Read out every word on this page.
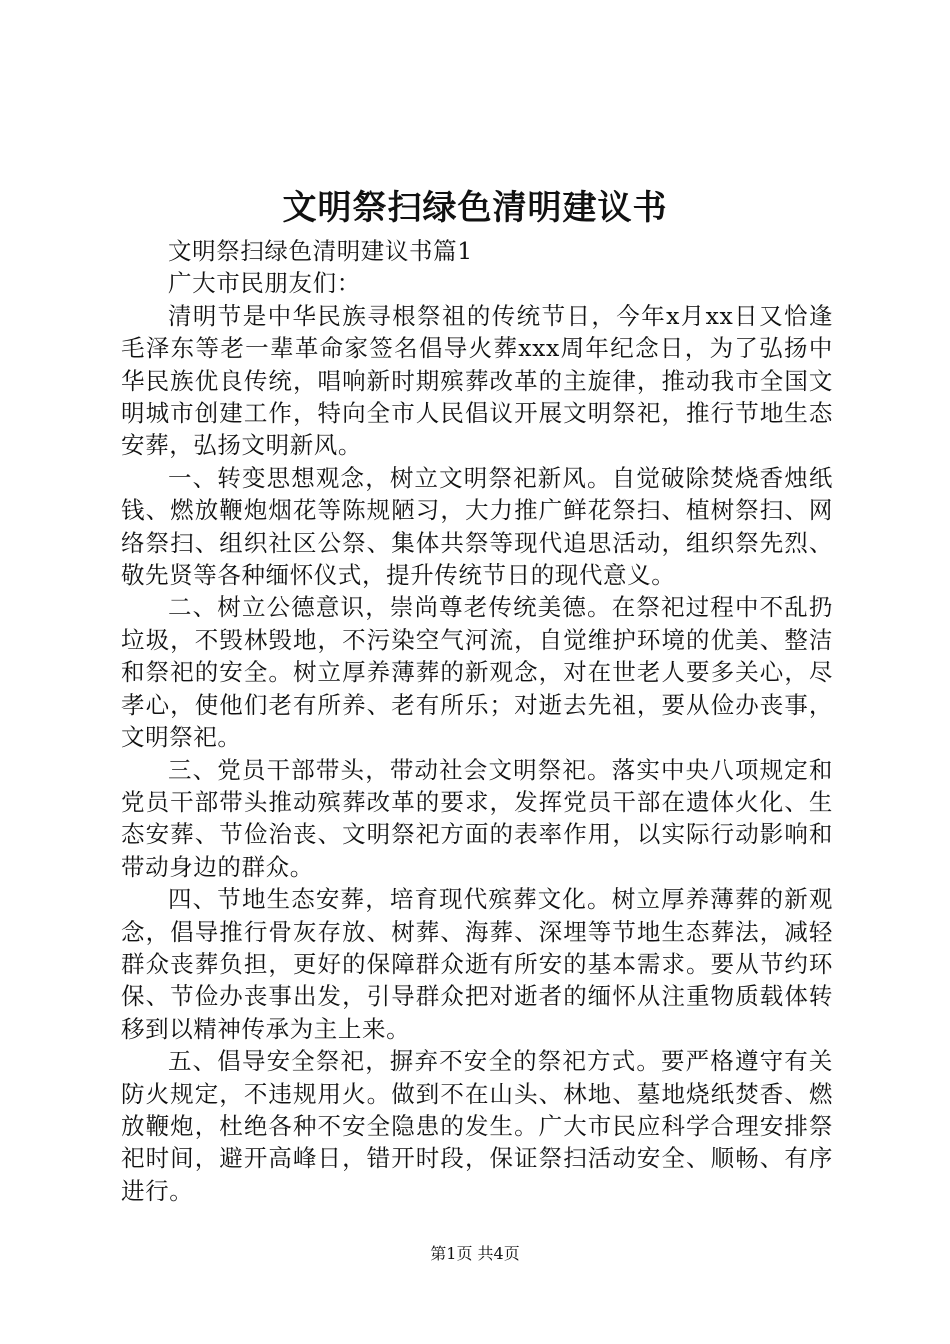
文明祭扫绿色清明建议书

文明祭扫绿色清明建议书篇1

广大市民朋友们：

清明节是中华民族寻根祭祖的传统节日，今年x月xx日又恰逢毛泽东等老一辈革命家签名倡导火葬xxx周年纪念日，为了弘扬中华民族优良传统，唱响新时期殡葬改革的主旋律，推动我市全国文明城市创建工作，特向全市人民倡议开展文明祭祀，推行节地生态安葬，弘扬文明新风。

一、转变思想观念，树立文明祭祀新风。自觉破除焚烧香烛纸钱、燃放鞭炮烟花等陈规陋习，大力推广鲜花祭扫、植树祭扫、网络祭扫、组织社区公祭、集体共祭等现代追思活动，组织祭先烈、敬先贤等各种缅怀仪式，提升传统节日的现代意义。

二、树立公德意识，崇尚尊老传统美德。在祭祀过程中不乱扔垃圾，不毁林毁地，不污染空气河流，自觉维护环境的优美、整洁和祭祀的安全。树立厚养薄葬的新观念，对在世老人要多关心，尽孝心，使他们老有所养、老有所乐；对逝去先祖，要从俭办丧事，文明祭祀。

三、党员干部带头，带动社会文明祭祀。落实中央八项规定和党员干部带头推动殡葬改革的要求，发挥党员干部在遗体火化、生态安葬、节俭治丧、文明祭祀方面的表率作用，以实际行动影响和带动身边的群众。

四、节地生态安葬，培育现代殡葬文化。树立厚养薄葬的新观念，倡导推行骨灰存放、树葬、海葬、深埋等节地生态葬法，减轻群众丧葬负担，更好的保障群众逝有所安的基本需求。要从节约环保、节俭办丧事出发，引导群众把对逝者的缅怀从注重物质载体转移到以精神传承为主上来。

五、倡导安全祭祀，摒弃不安全的祭祀方式。要严格遵守有关防火规定，不违规用火。做到不在山头、林地、墓地烧纸焚香、燃放鞭炮，杜绝各种不安全隐患的发生。广大市民应科学合理安排祭祀时间，避开高峰日，错开时段，保证祭扫活动安全、顺畅、有序进行。

第1页 共4页
